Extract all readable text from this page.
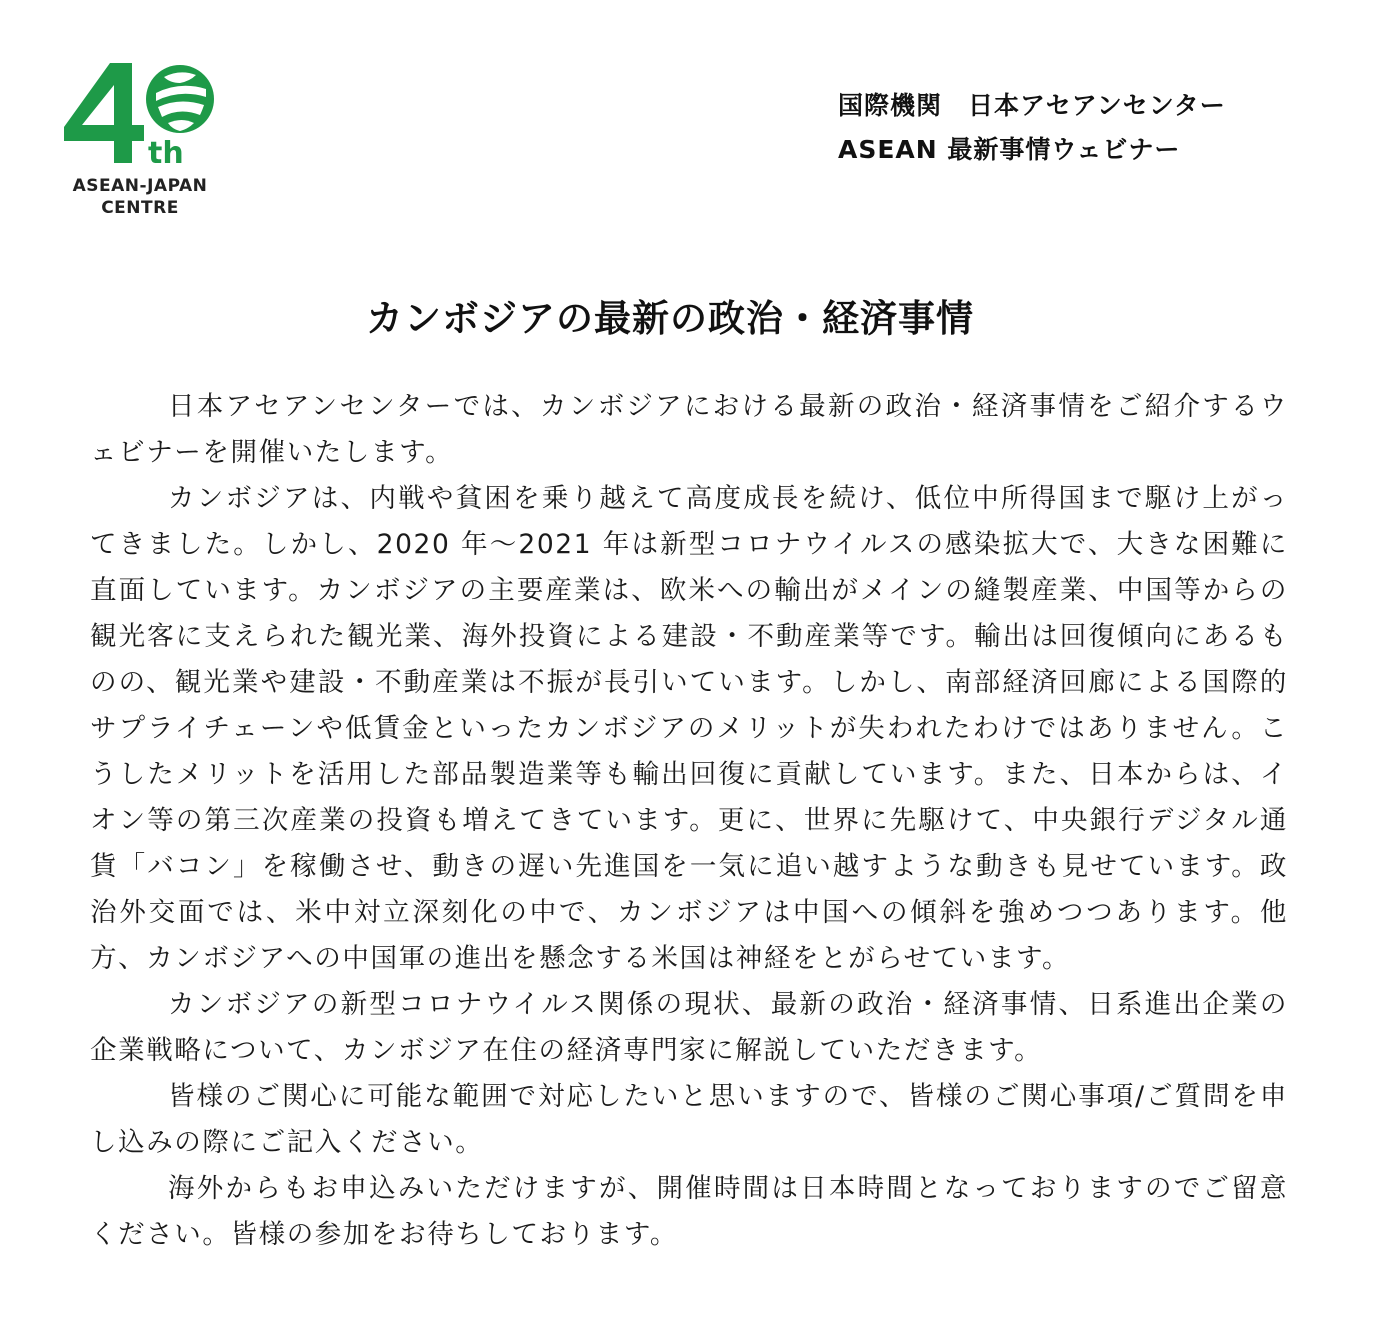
th
ASEAN-JAPAN
CENTRE
国際機関　日本アセアンセンター
ASEAN 最新事情ウェビナー
カンボジアの最新の政治・経済事情

日本アセアンセンターでは、カンボジアにおける最新の政治・経済事情をご紹介するウェビナーを開催いたします。

カンボジアは、内戦や貧困を乗り越えて高度成長を続け、低位中所得国まで駆け上がってきました。しかし、2020 年～2021 年は新型コロナウイルスの感染拡大で、大きな困難に直面しています。カンボジアの主要産業は、欧米への輸出がメインの縫製産業、中国等からの観光客に支えられた観光業、海外投資による建設・不動産業等です。輸出は回復傾向にあるものの、観光業や建設・不動産業は不振が長引いています。しかし、南部経済回廊による国際的サプライチェーンや低賃金といったカンボジアのメリットが失われたわけではありません。こうしたメリットを活用した部品製造業等も輸出回復に貢献しています。また、日本からは、イオン等の第三次産業の投資も増えてきています。更に、世界に先駆けて、中央銀行デジタル通貨「バコン」を稼働させ、動きの遅い先進国を一気に追い越すような動きも見せています。政治外交面では、米中対立深刻化の中で、カンボジアは中国への傾斜を強めつつあります。他方、カンボジアへの中国軍の進出を懸念する米国は神経をとがらせています。

カンボジアの新型コロナウイルス関係の現状、最新の政治・経済事情、日系進出企業の企業戦略について、カンボジア在住の経済専門家に解説していただきます。

皆様のご関心に可能な範囲で対応したいと思いますので、皆様のご関心事項/ご質問を申し込みの際にご記入ください。

海外からもお申込みいただけますが、開催時間は日本時間となっておりますのでご留意ください。皆様の参加をお待ちしております。
